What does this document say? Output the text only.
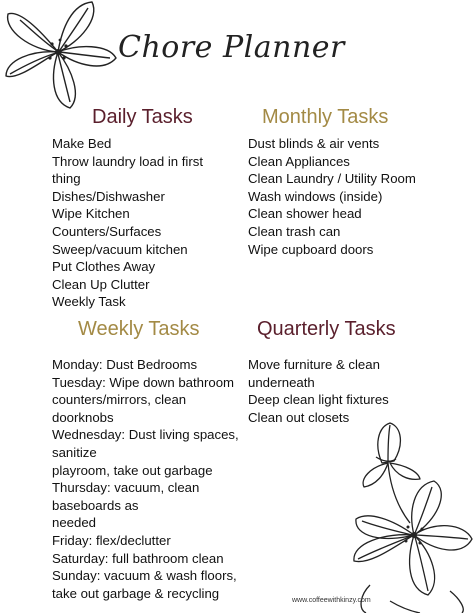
Chore Planner
Daily Tasks
Make Bed
Throw laundry load in first
thing
Dishes/Dishwasher
Wipe Kitchen
Counters/Surfaces
Sweep/vacuum kitchen
Put Clothes Away
Clean Up Clutter
Weekly Task
Monthly Tasks
Dust blinds & air vents
Clean Appliances
Clean Laundry / Utility Room
Wash windows (inside)
Clean shower head
Clean trash can
Wipe cupboard doors
Weekly Tasks
Monday: Dust Bedrooms
Tuesday: Wipe down bathroom
counters/mirrors, clean
doorknobs
Wednesday: Dust living spaces,
sanitize
playroom, take out garbage
Thursday: vacuum, clean
baseboards as
needed
Friday: flex/declutter
Saturday: full bathroom clean
Sunday: vacuum & wash floors,
take out garbage & recycling
Quarterly Tasks
Move furniture & clean
underneath
Deep clean light fixtures
Clean out closets
www.coffeewithkinzy.com
